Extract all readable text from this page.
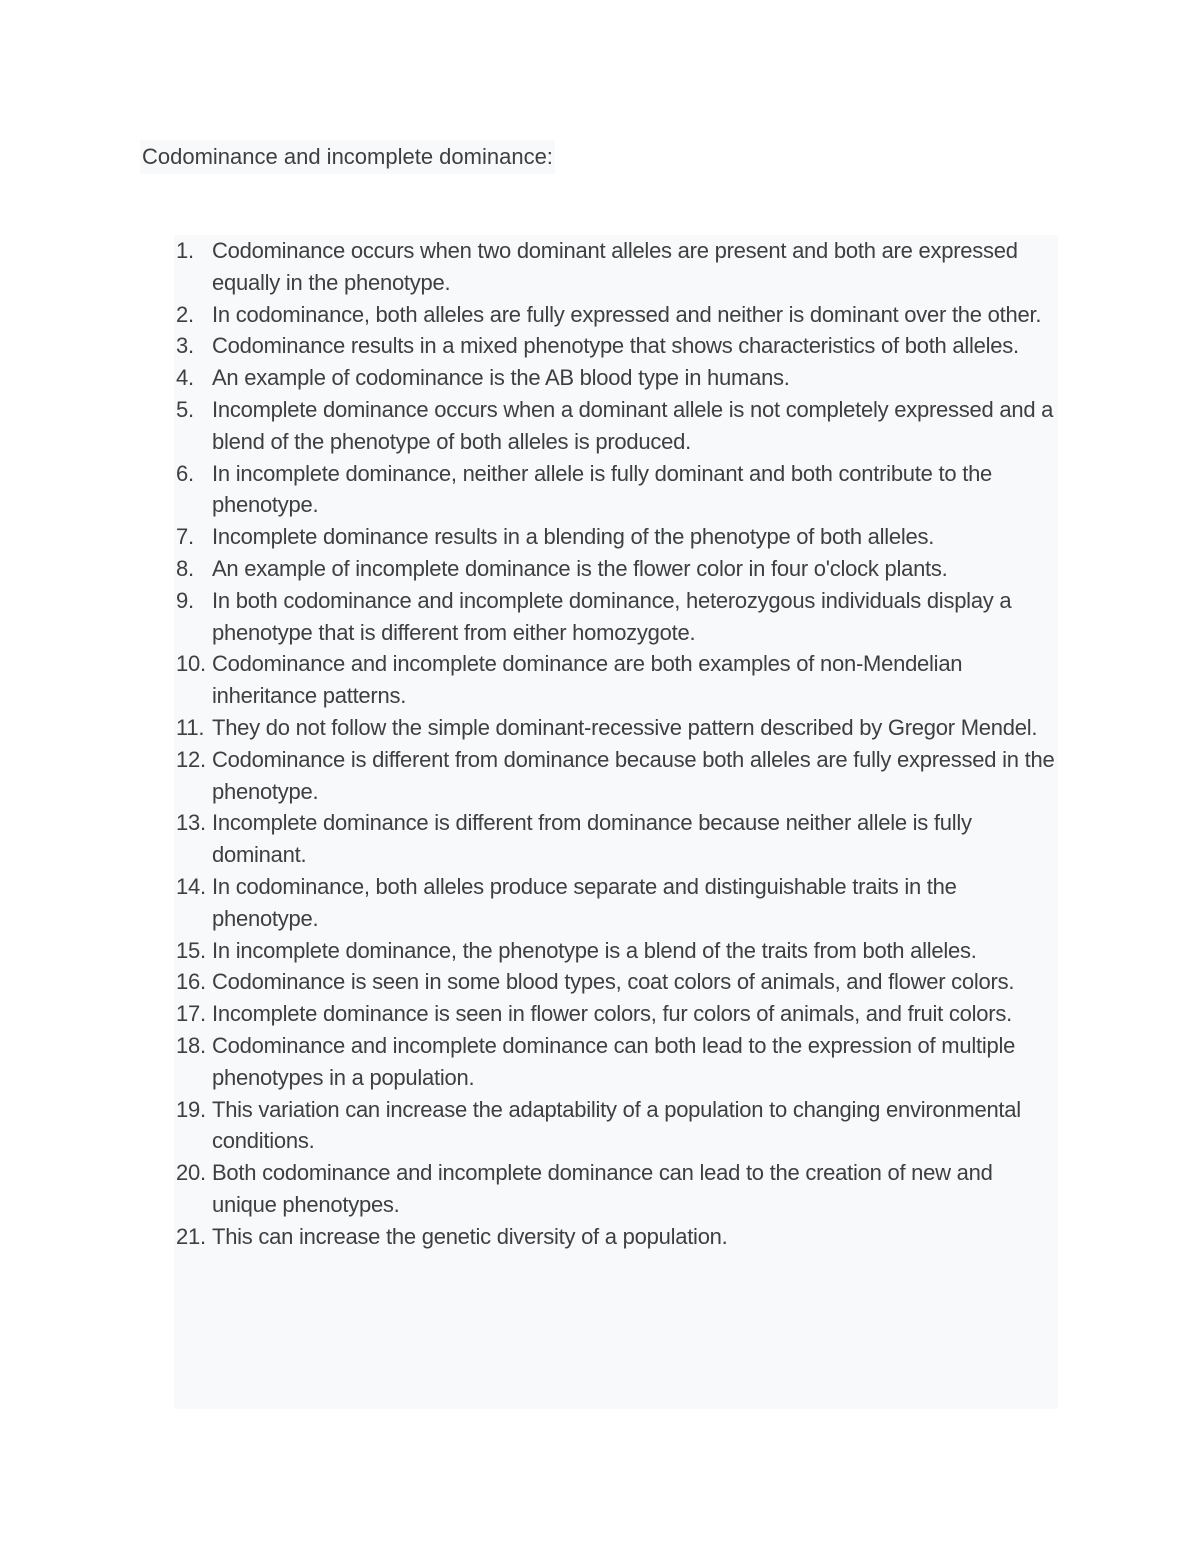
Codominance and incomplete dominance:
1. Codominance occurs when two dominant alleles are present and both are expressed equally in the phenotype.
2. In codominance, both alleles are fully expressed and neither is dominant over the other.
3. Codominance results in a mixed phenotype that shows characteristics of both alleles.
4. An example of codominance is the AB blood type in humans.
5. Incomplete dominance occurs when a dominant allele is not completely expressed and a blend of the phenotype of both alleles is produced.
6. In incomplete dominance, neither allele is fully dominant and both contribute to the phenotype.
7. Incomplete dominance results in a blending of the phenotype of both alleles.
8. An example of incomplete dominance is the flower color in four o'clock plants.
9. In both codominance and incomplete dominance, heterozygous individuals display a phenotype that is different from either homozygote.
10. Codominance and incomplete dominance are both examples of non-Mendelian inheritance patterns.
11. They do not follow the simple dominant-recessive pattern described by Gregor Mendel.
12. Codominance is different from dominance because both alleles are fully expressed in the phenotype.
13. Incomplete dominance is different from dominance because neither allele is fully dominant.
14. In codominance, both alleles produce separate and distinguishable traits in the phenotype.
15. In incomplete dominance, the phenotype is a blend of the traits from both alleles.
16. Codominance is seen in some blood types, coat colors of animals, and flower colors.
17. Incomplete dominance is seen in flower colors, fur colors of animals, and fruit colors.
18. Codominance and incomplete dominance can both lead to the expression of multiple phenotypes in a population.
19. This variation can increase the adaptability of a population to changing environmental conditions.
20. Both codominance and incomplete dominance can lead to the creation of new and unique phenotypes.
21. This can increase the genetic diversity of a population.
